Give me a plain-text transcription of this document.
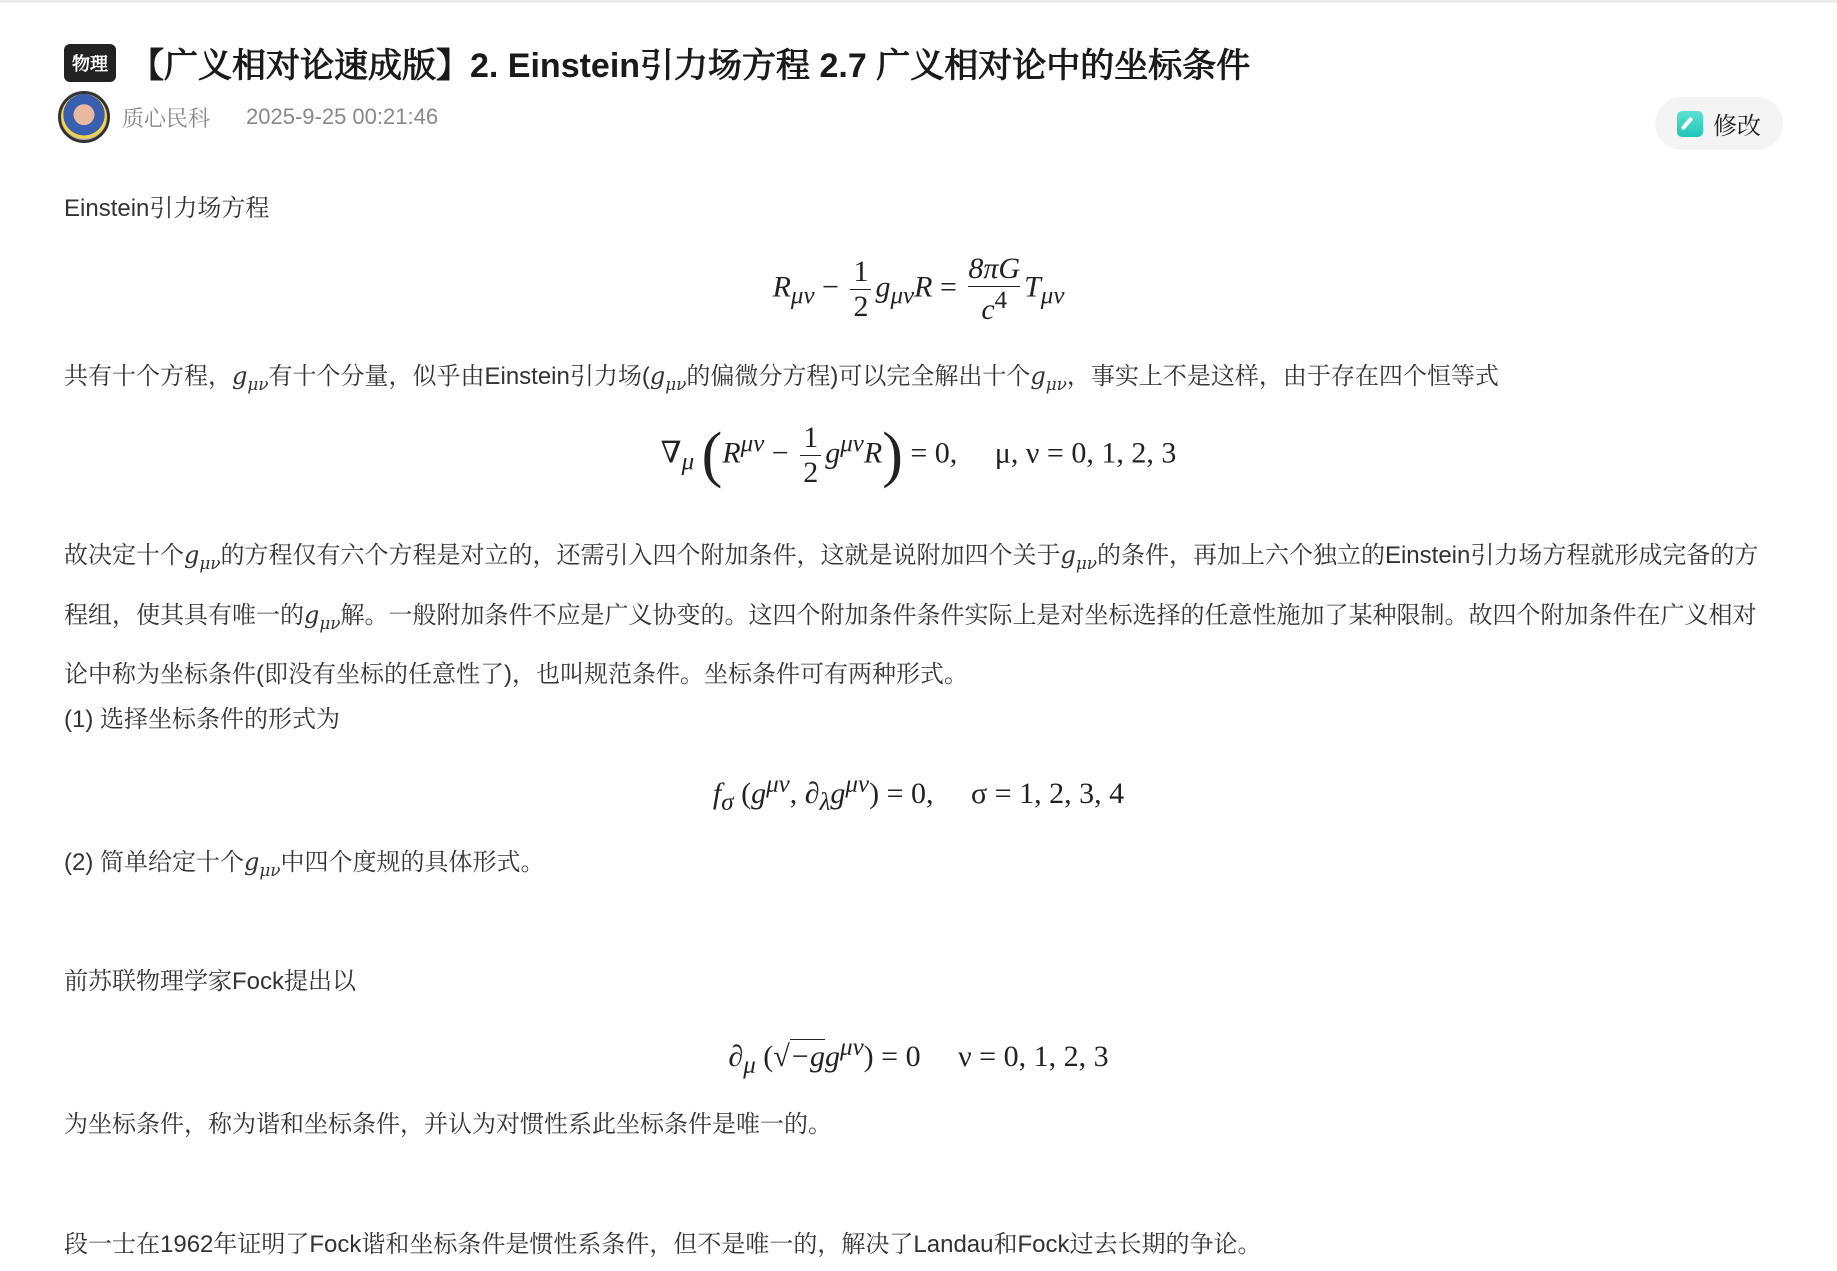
物理 【广义相对论速成版】2. Einstein引力场方程 2.7 广义相对论中的坐标条件
质心民科 2025-9-25 00:21:46	修改
Einstein引力场方程
$R_{\mu\nu} - \frac{1}{2} g_{\mu\nu}R = \frac{8\pi G}{c^4} T_{\mu\nu}$
共有十个方程，$g_{\mu\nu}$有十个分量，似乎由Einstein引力场($g_{\mu\nu}$的偏微分方程)可以完全解出十个$g_{\mu\nu}$，事实上不是这样，由于存在四个恒等式
$\nabla_\mu$ $(R^{\mu\nu} - \frac{1}{2} g^{\mu\nu}R) = 0$,     μ, ν = 0, 1, 2, 3
故决定十个$g_{\mu\nu}$的方程仅有六个方程是对立的，还需引入四个附加条件，这就是说附加四个关于$g_{\mu\nu}$的条件，再加上六个独立的Einstein引力场方程就形成完备的方程组，使其具有唯一的$g_{\mu\nu}$解。一般附加条件不应是广义协变的。这四个附加条件条件实际上是对坐标选择的任意性施加了某种限制。故四个附加条件在广义相对论中称为坐标条件(即没有坐标的任意性了)，也叫规范条件。坐标条件可有两种形式。
(1) 选择坐标条件的形式为
$f_\sigma$ ($g^{\mu\nu}$, $\partial_\lambda g^{\mu\nu}) = 0$,     σ = 1, 2, 3, 4
(2) 简单给定十个$g_{\mu\nu}$中四个度规的具体形式。
前苏联物理学家Fock提出以
$\partial_\mu$ $(√-gg^{\mu\nu}) = 0$     ν = 0, 1, 2, 3
为坐标条件，称为谐和坐标条件，并认为对惯性系此坐标条件是唯一的。
段一士在1962年证明了Fock谐和坐标条件是惯性系条件，但不是唯一的，解决了Landau和Fock过去长期的争论。
